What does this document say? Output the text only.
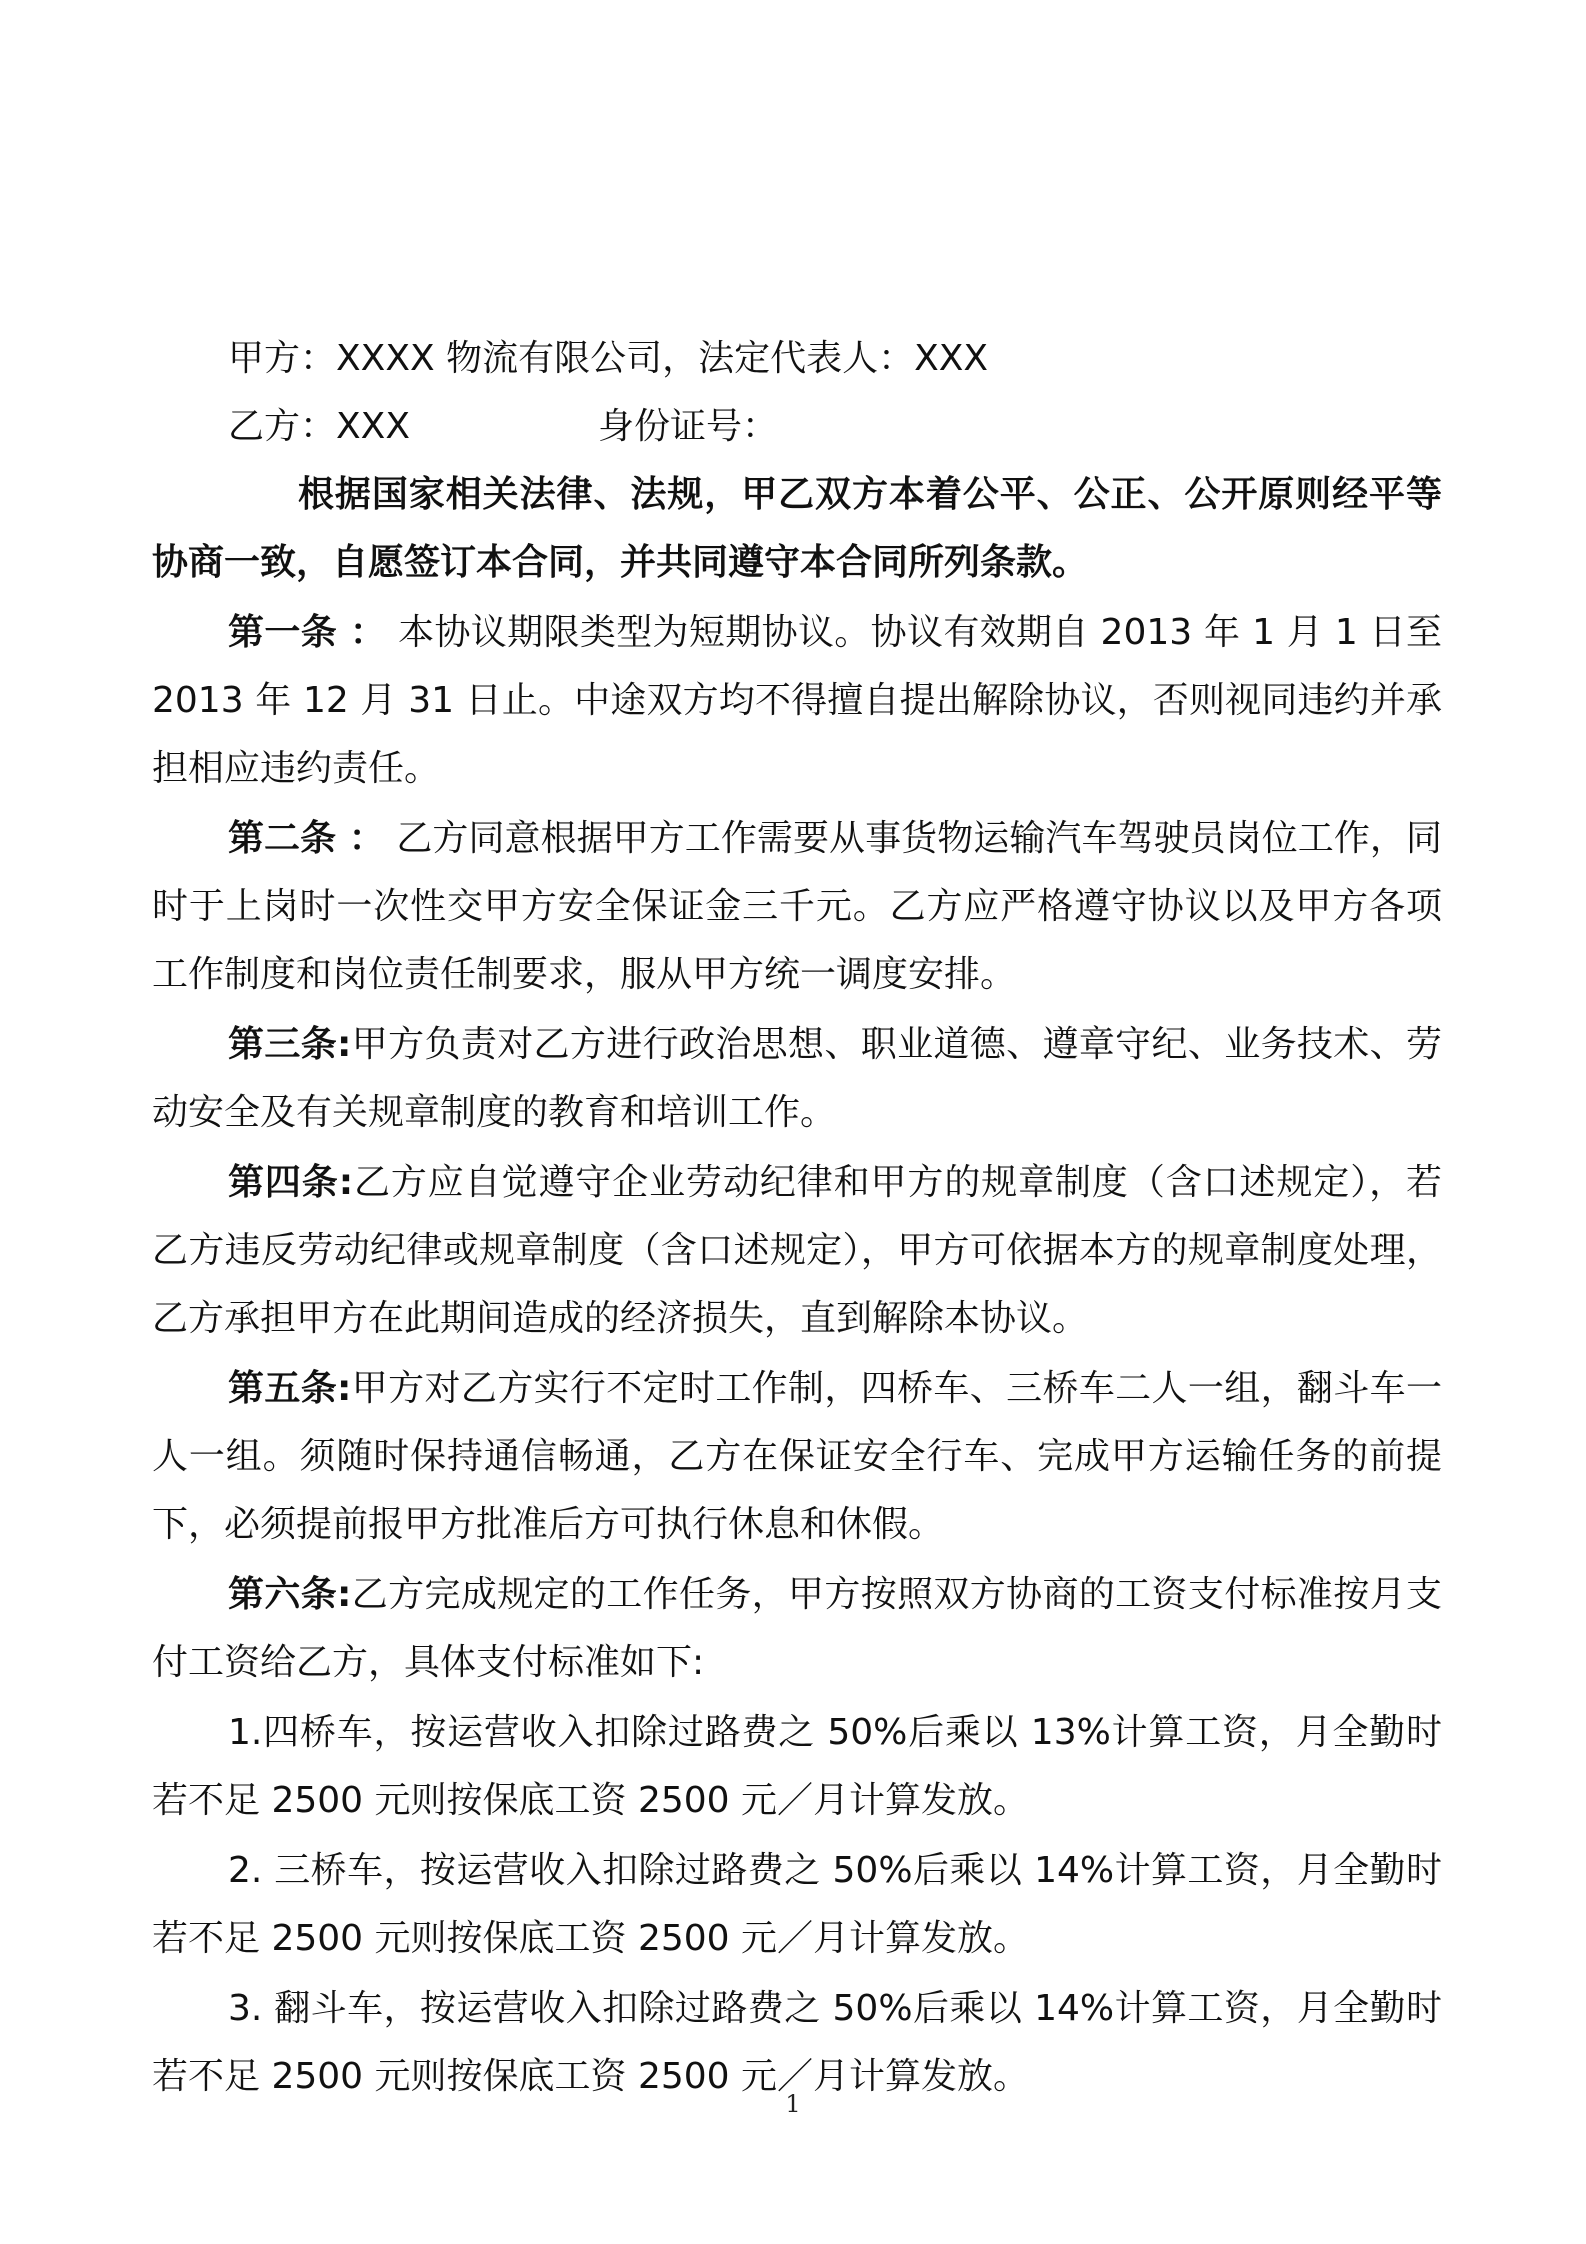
甲方：XXXX 物流有限公司，法定代表人：XXX
乙方：XXX	身份证号：

根据国家相关法律、法规，甲乙双方本着公平、公正、公开原则经平等协商一致，自愿签订本合同，并共同遵守本合同所列条款。

第一条 ： 本协议期限类型为短期协议。协议有效期自 2013 年 1 月 1 日至 2013 年 12 月 31 日止。中途双方均不得擅自提出解除协议，否则视同违约并承担相应违约责任。

第二条 ： 乙方同意根据甲方工作需要从事货物运输汽车驾驶员岗位工作，同时于上岗时一次性交甲方安全保证金三千元。乙方应严格遵守协议以及甲方各项工作制度和岗位责任制要求，服从甲方统一调度安排。

第三条:甲方负责对乙方进行政治思想、职业道德、遵章守纪、业务技术、劳动安全及有关规章制度的教育和培训工作。

第四条:乙方应自觉遵守企业劳动纪律和甲方的规章制度（含口述规定），若乙方违反劳动纪律或规章制度（含口述规定），甲方可依据本方的规章制度处理，乙方承担甲方在此期间造成的经济损失，直到解除本协议。

第五条:甲方对乙方实行不定时工作制，四桥车、三桥车二人一组，翻斗车一人一组。须随时保持通信畅通，乙方在保证安全行车、完成甲方运输任务的前提下，必须提前报甲方批准后方可执行休息和休假。

第六条:乙方完成规定的工作任务，甲方按照双方协商的工资支付标准按月支付工资给乙方，具体支付标准如下:

1.四桥车，按运营收入扣除过路费之 50%后乘以 13%计算工资，月全勤时若不足 2500 元则按保底工资 2500 元／月计算发放。

2. 三桥车，按运营收入扣除过路费之 50%后乘以 14%计算工资，月全勤时若不足 2500 元则按保底工资 2500 元／月计算发放。

3. 翻斗车，按运营收入扣除过路费之 50%后乘以 14%计算工资，月全勤时若不足 2500 元则按保底工资 2500 元／月计算发放。

1
